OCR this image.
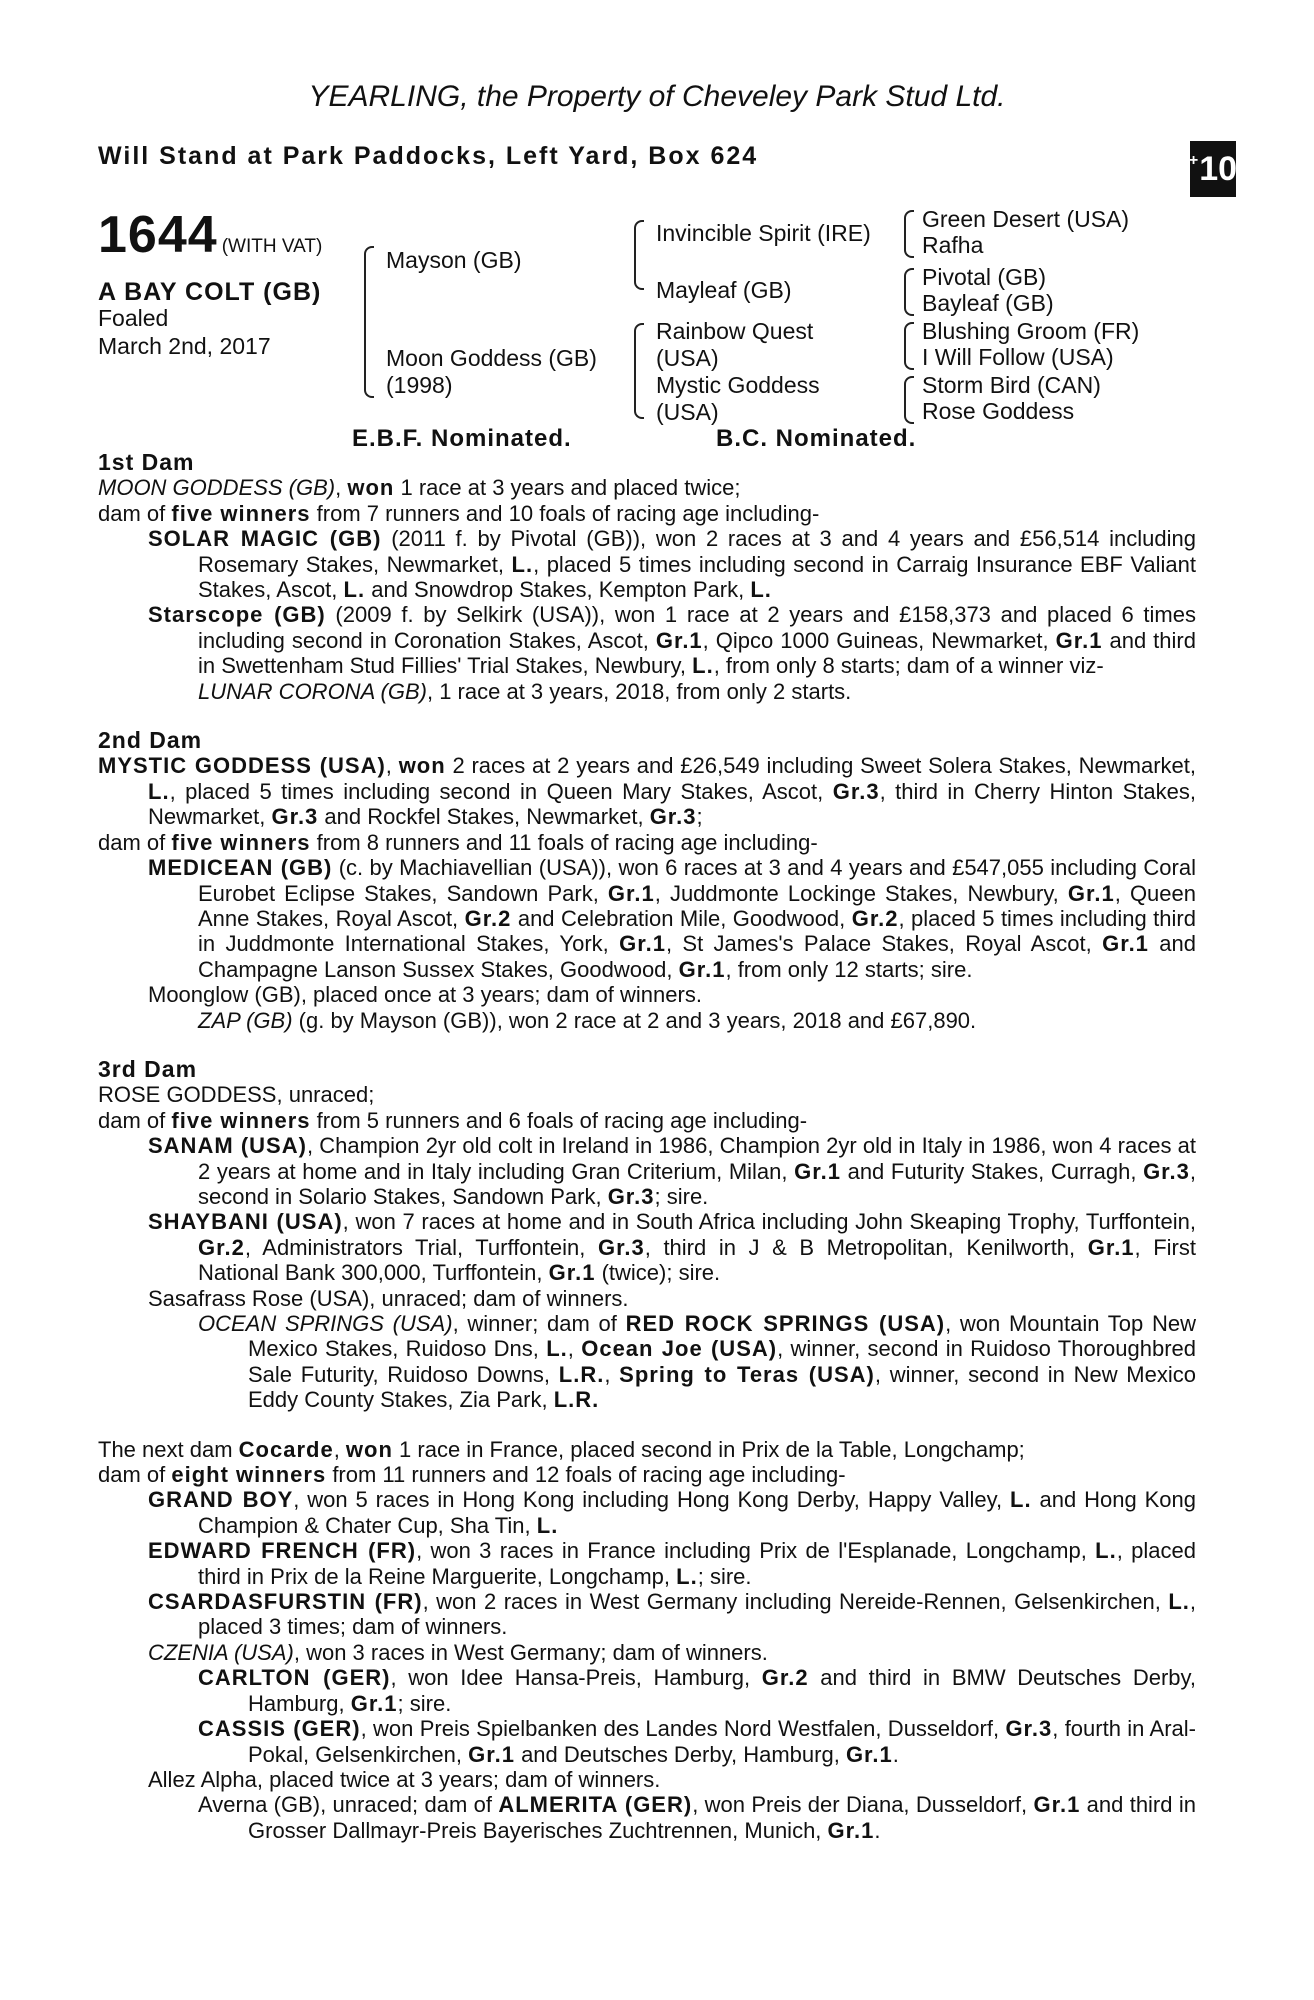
YEARLING, the Property of Cheveley Park Stud Ltd.
Will Stand at Park Paddocks, Left Yard, Box 624	+ 10
1644 (WITH VAT)
A BAY COLT (GB)
Foaled
March 2nd, 2017
Mayson (GB)
Moon Goddess (GB)
(1998)
Invincible Spirit (IRE)
Mayleaf (GB)
Rainbow Quest
(USA)
Mystic Goddess
(USA)
Green Desert (USA)
Rafha
Pivotal (GB)
Bayleaf (GB)
Blushing Groom (FR)
I Will Follow (USA)
Storm Bird (CAN)
Rose Goddess
E.B.F. Nominated.	B.C. Nominated.
1st Dam
MOON GODDESS (GB), won 1 race at 3 years and placed twice;
dam of five winners from 7 runners and 10 foals of racing age including-
SOLAR MAGIC (GB) (2011 f. by Pivotal (GB)), won 2 races at 3 and 4 years and £56,514 including Rosemary Stakes, Newmarket, L., placed 5 times including second in Carraig Insurance EBF Valiant Stakes, Ascot, L. and Snowdrop Stakes, Kempton Park, L.
Starscope (GB) (2009 f. by Selkirk (USA)), won 1 race at 2 years and £158,373 and placed 6 times including second in Coronation Stakes, Ascot, Gr.1, Qipco 1000 Guineas, Newmarket, Gr.1 and third in Swettenham Stud Fillies' Trial Stakes, Newbury, L., from only 8 starts; dam of a winner viz-
LUNAR CORONA (GB), 1 race at 3 years, 2018, from only 2 starts.
2nd Dam
MYSTIC GODDESS (USA), won 2 races at 2 years and £26,549 including Sweet Solera Stakes, Newmarket, L., placed 5 times including second in Queen Mary Stakes, Ascot, Gr.3, third in Cherry Hinton Stakes, Newmarket, Gr.3 and Rockfel Stakes, Newmarket, Gr.3;
dam of five winners from 8 runners and 11 foals of racing age including-
MEDICEAN (GB) (c. by Machiavellian (USA)), won 6 races at 3 and 4 years and £547,055 including Coral Eurobet Eclipse Stakes, Sandown Park, Gr.1, Juddmonte Lockinge Stakes, Newbury, Gr.1, Queen Anne Stakes, Royal Ascot, Gr.2 and Celebration Mile, Goodwood, Gr.2, placed 5 times including third in Juddmonte International Stakes, York, Gr.1, St James's Palace Stakes, Royal Ascot, Gr.1 and Champagne Lanson Sussex Stakes, Goodwood, Gr.1, from only 12 starts; sire.
Moonglow (GB), placed once at 3 years; dam of winners.
ZAP (GB) (g. by Mayson (GB)), won 2 race at 2 and 3 years, 2018 and £67,890.
3rd Dam
ROSE GODDESS, unraced;
dam of five winners from 5 runners and 6 foals of racing age including-
SANAM (USA), Champion 2yr old colt in Ireland in 1986, Champion 2yr old in Italy in 1986, won 4 races at 2 years at home and in Italy including Gran Criterium, Milan, Gr.1 and Futurity Stakes, Curragh, Gr.3, second in Solario Stakes, Sandown Park, Gr.3; sire.
SHAYBANI (USA), won 7 races at home and in South Africa including John Skeaping Trophy, Turffontein, Gr.2, Administrators Trial, Turffontein, Gr.3, third in J & B Metropolitan, Kenilworth, Gr.1, First National Bank 300,000, Turffontein, Gr.1 (twice); sire.
Sasafrass Rose (USA), unraced; dam of winners.
OCEAN SPRINGS (USA), winner; dam of RED ROCK SPRINGS (USA), won Mountain Top New Mexico Stakes, Ruidoso Dns, L., Ocean Joe (USA), winner, second in Ruidoso Thoroughbred Sale Futurity, Ruidoso Downs, L.R., Spring to Teras (USA), winner, second in New Mexico Eddy County Stakes, Zia Park, L.R.
The next dam Cocarde, won 1 race in France, placed second in Prix de la Table, Longchamp;
dam of eight winners from 11 runners and 12 foals of racing age including-
GRAND BOY, won 5 races in Hong Kong including Hong Kong Derby, Happy Valley, L. and Hong Kong Champion & Chater Cup, Sha Tin, L.
EDWARD FRENCH (FR), won 3 races in France including Prix de l'Esplanade, Longchamp, L., placed third in Prix de la Reine Marguerite, Longchamp, L.; sire.
CSARDASFURSTIN (FR), won 2 races in West Germany including Nereide-Rennen, Gelsenkirchen, L., placed 3 times; dam of winners.
CZENIA (USA), won 3 races in West Germany; dam of winners.
CARLTON (GER), won Idee Hansa-Preis, Hamburg, Gr.2 and third in BMW Deutsches Derby, Hamburg, Gr.1; sire.
CASSIS (GER), won Preis Spielbanken des Landes Nord Westfalen, Dusseldorf, Gr.3, fourth in Aral-Pokal, Gelsenkirchen, Gr.1 and Deutsches Derby, Hamburg, Gr.1.
Allez Alpha, placed twice at 3 years; dam of winners.
Averna (GB), unraced; dam of ALMERITA (GER), won Preis der Diana, Dusseldorf, Gr.1 and third in Grosser Dallmayr-Preis Bayerisches Zuchtrennen, Munich, Gr.1.
